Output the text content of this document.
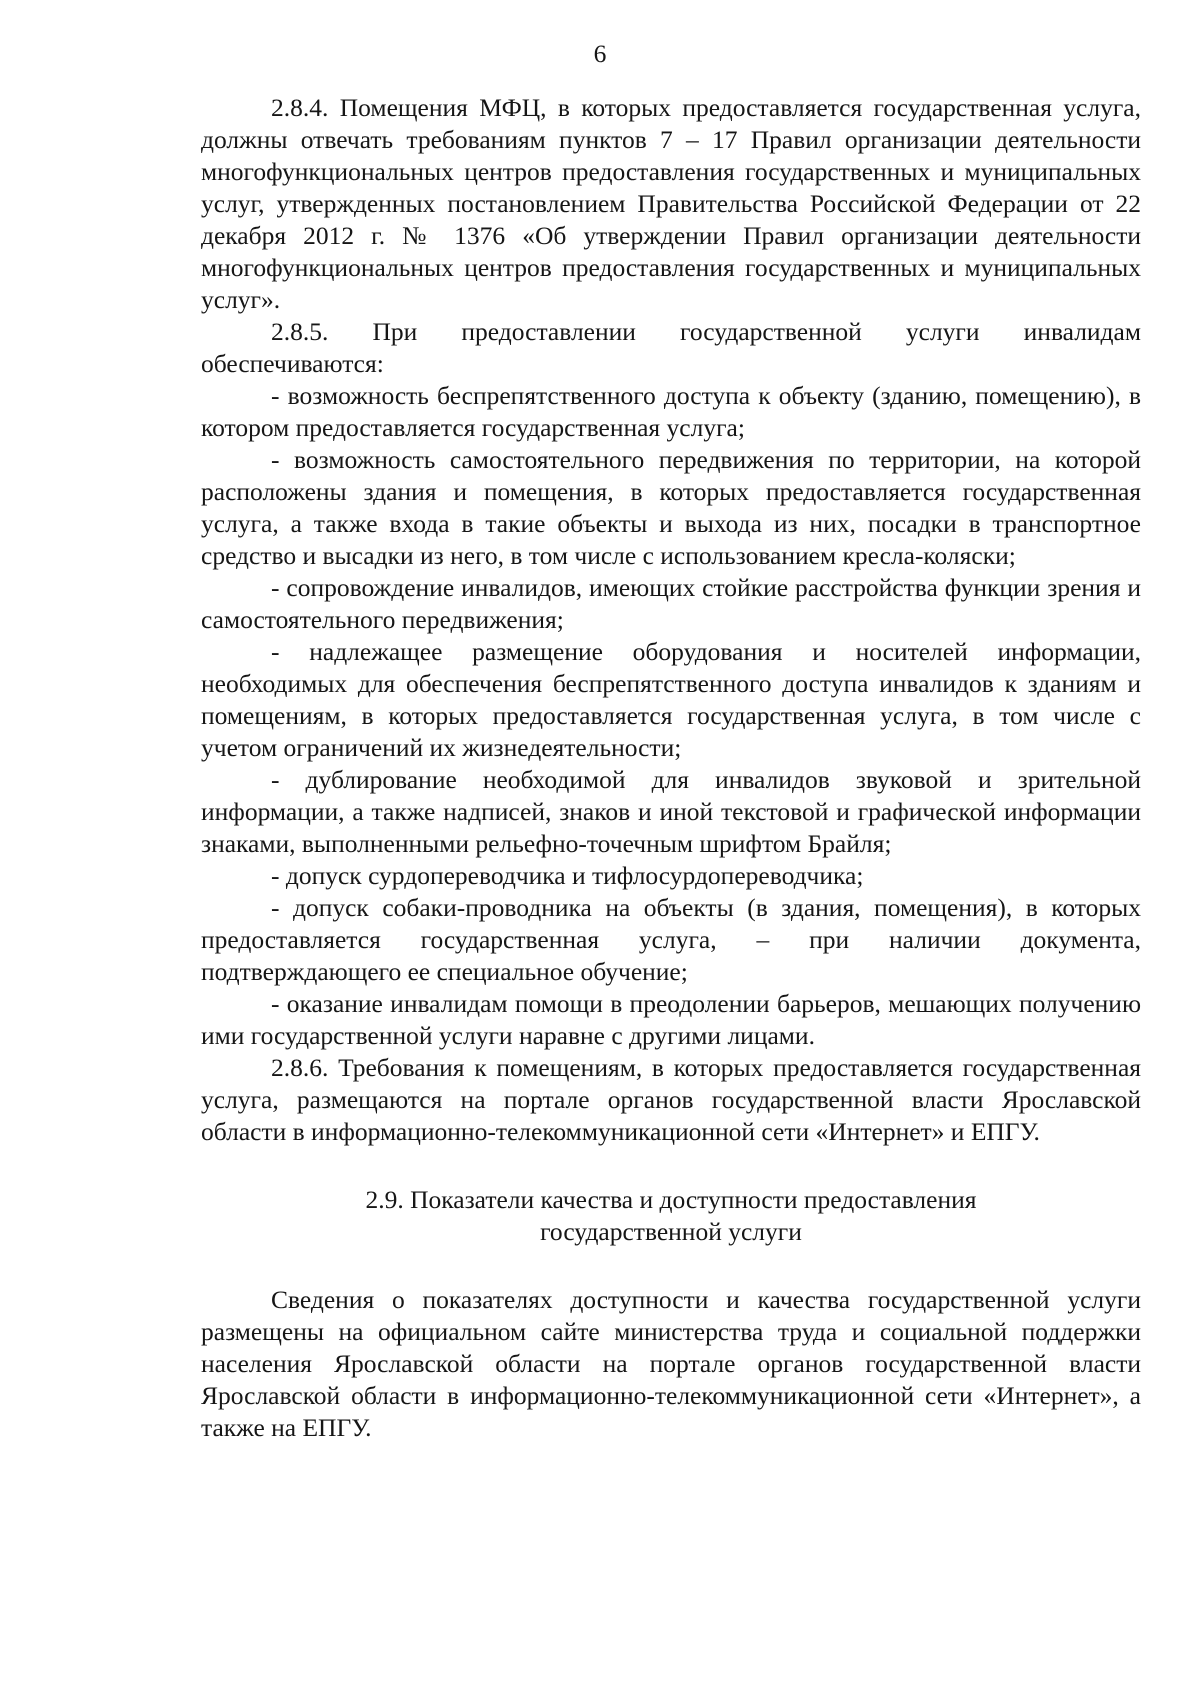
6

2.8.4. Помещения МФЦ, в которых предоставляется государственная услуга, должны отвечать требованиям пунктов 7 – 17 Правил организации деятельности многофункциональных центров предоставления государственных и муниципальных услуг, утвержденных постановлением Правительства Российской Федерации от 22 декабря 2012 г. № 1376 «Об утверждении Правил организации деятельности многофункциональных центров предоставления государственных и муниципальных услуг».

2.8.5. При предоставлении государственной услуги инвалидам обеспечиваются:

- возможность беспрепятственного доступа к объекту (зданию, помещению), в котором предоставляется государственная услуга;

- возможность самостоятельного передвижения по территории, на которой расположены здания и помещения, в которых предоставляется государственная услуга, а также входа в такие объекты и выхода из них, посадки в транспортное средство и высадки из него, в том числе с использованием кресла-коляски;

- сопровождение инвалидов, имеющих стойкие расстройства функции зрения и самостоятельного передвижения;

- надлежащее размещение оборудования и носителей информации, необходимых для обеспечения беспрепятственного доступа инвалидов к зданиям и помещениям, в которых предоставляется государственная услуга, в том числе с учетом ограничений их жизнедеятельности;

- дублирование необходимой для инвалидов звуковой и зрительной информации, а также надписей, знаков и иной текстовой и графической информации знаками, выполненными рельефно-точечным шрифтом Брайля;

- допуск сурдопереводчика и тифлосурдопереводчика;

- допуск собаки-проводника на объекты (в здания, помещения), в которых предоставляется государственная услуга, – при наличии документа, подтверждающего ее специальное обучение;

- оказание инвалидам помощи в преодолении барьеров, мешающих получению ими государственной услуги наравне с другими лицами.

2.8.6. Требования к помещениям, в которых предоставляется государственная услуга, размещаются на портале органов государственной власти Ярославской области в информационно-телекоммуникационной сети «Интернет» и ЕПГУ.

2.9. Показатели качества и доступности предоставления
государственной услуги

Сведения о показателях доступности и качества государственной услуги размещены на официальном сайте министерства труда и социальной поддержки населения Ярославской области на портале органов государственной власти Ярославской области в информационно-телекоммуникационной сети «Интернет», а также на ЕПГУ.
